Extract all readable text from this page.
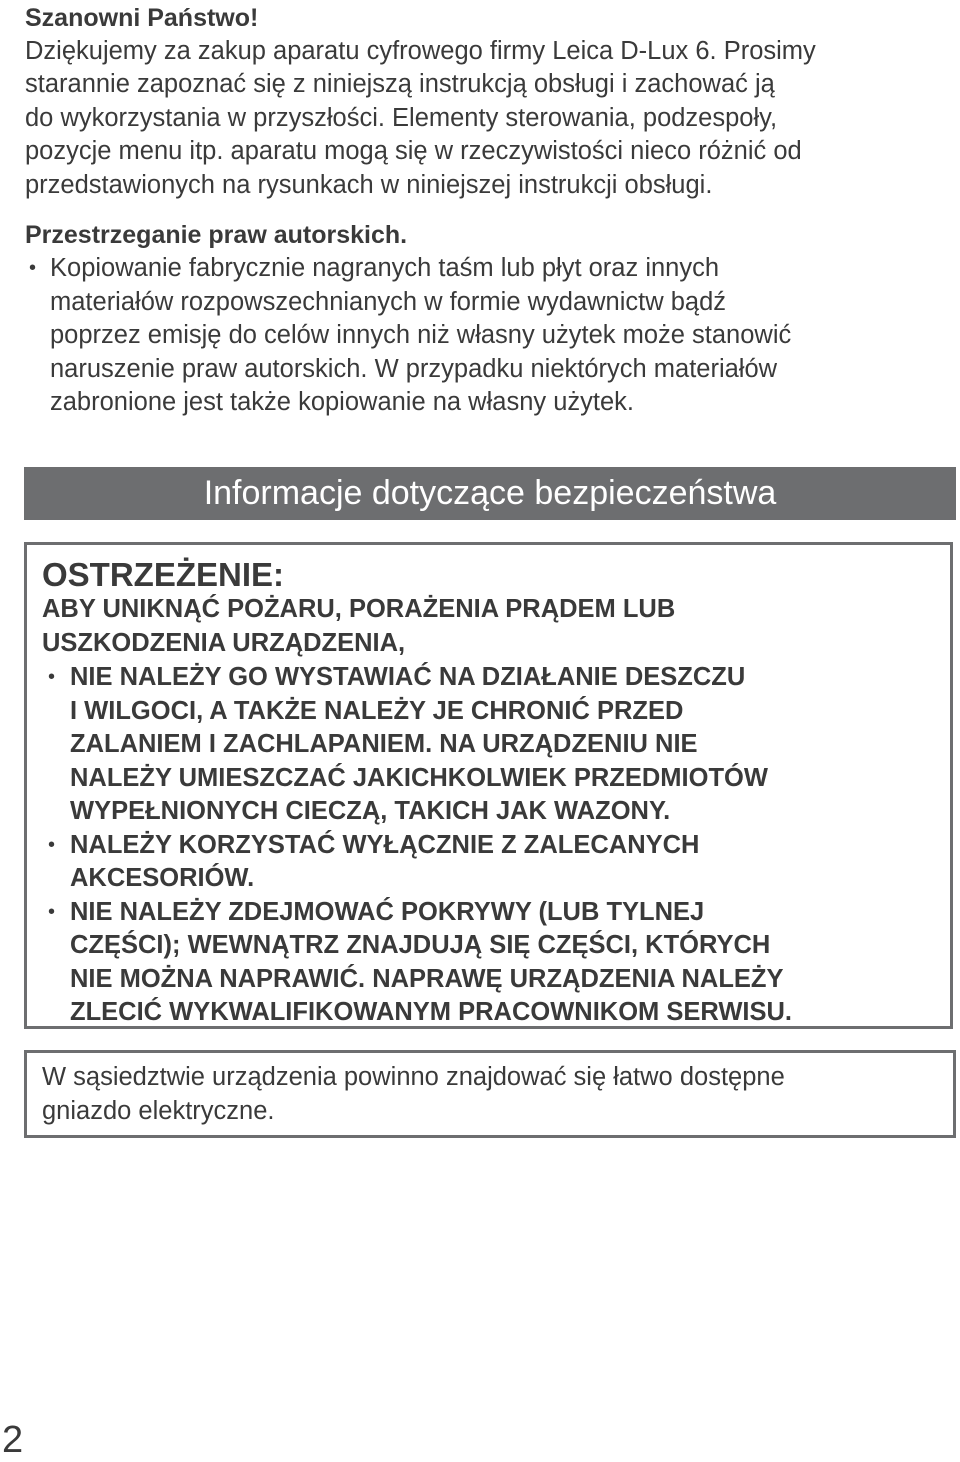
Szanowni Państwo!
Dziękujemy za zakup aparatu cyfrowego firmy Leica D-Lux 6. Prosimy
starannie zapoznać się z niniejszą instrukcją obsługi i zachować ją
do wykorzystania w przyszłości. Elementy sterowania, podzespoły,
pozycje menu itp. aparatu mogą się w rzeczywistości nieco różnić od
przedstawionych na rysunkach w niniejszej instrukcji obsługi.
Przestrzeganie praw autorskich.
• Kopiowanie fabrycznie nagranych taśm lub płyt oraz innych
materiałów rozpowszechnianych w formie wydawnictw bądź
poprzez emisję do celów innych niż własny użytek może stanowić
naruszenie praw autorskich. W przypadku niektórych materiałów
zabronione jest także kopiowanie na własny użytek.
Informacje dotyczące bezpieczeństwa
OSTRZEŻENIE:
ABY UNIKNĄĆ POŻARU, PORAŻENIA PRĄDEM LUB
USZKODZENIA URZĄDZENIA,
• NIE NALEŻY GO WYSTAWIAĆ NA DZIAŁANIE DESZCZU
I WILGOCI, A TAKŻE NALEŻY JE CHRONIĆ PRZED
ZALANIEM I ZACHLAPANIEM. NA URZĄDZENIU NIE
NALEŻY UMIESZCZAĆ JAKICHKOLWIEK PRZEDMIOTÓW
WYPEŁNIONYCH CIECZĄ, TAKICH JAK WAZONY.
• NALEŻY KORZYSTAĆ WYŁĄCZNIE Z ZALECANYCH
AKCESORIÓW.
• NIE NALEŻY ZDEJMOWAĆ POKRYWY (LUB TYLNEJ
CZĘŚCI); WEWNĄTRZ ZNAJDUJĄ SIĘ CZĘŚCI, KTÓRYCH
NIE MOŻNA NAPRAWIĆ. NAPRAWĘ URZĄDZENIA NALEŻY
ZLECIĆ WYKWALIFIKOWANYM PRACOWNIKOM SERWISU.
W sąsiedztwie urządzenia powinno znajdować się łatwo dostępne
gniazdo elektryczne.
2
